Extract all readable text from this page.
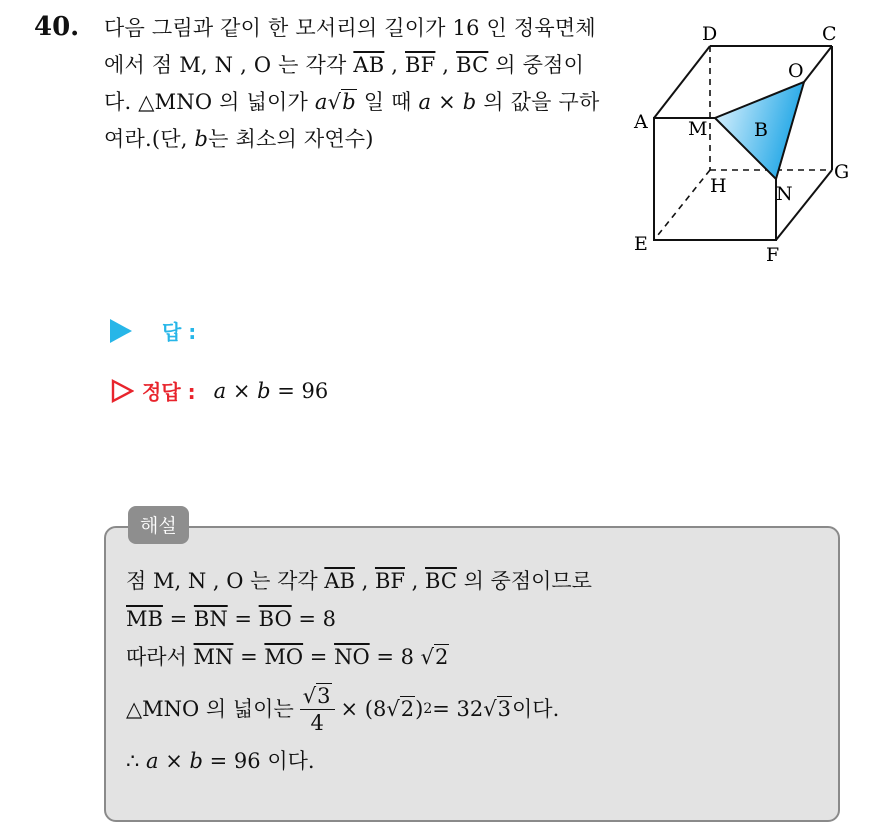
40. 다음 그림과 같이 한 모서리의 길이가 16 인 정육면체에서 점 M, N , O 는 각각 $\overline{AB}$ , $\overline{BF}$ , $\overline{BC}$ 의 중점이다. △MNO 의 넓이가 a√b 일 때 a × b 의 값을 구하여라.(단, b는 최소의 자연수)
D	C
O
A M B
G
H	N
E	F
답 :
정답 : a × b = 96
해설
점 M, N , O 는 각각 $\overline{AB}$ , $\overline{BF}$ , $\overline{BC}$ 의 중점이므로
$\overline{MB} = \overline{BN} = \overline{BO} = 8$
따라서 $\overline{MN} = \overline{MO} = \overline{NO} = 8$ √2
△MNO 의 넓이는 $\frac{√3}{4} \times (8$ √2 ) 2 = 32 √3 이다.
∴ a × b = 96 이다.
